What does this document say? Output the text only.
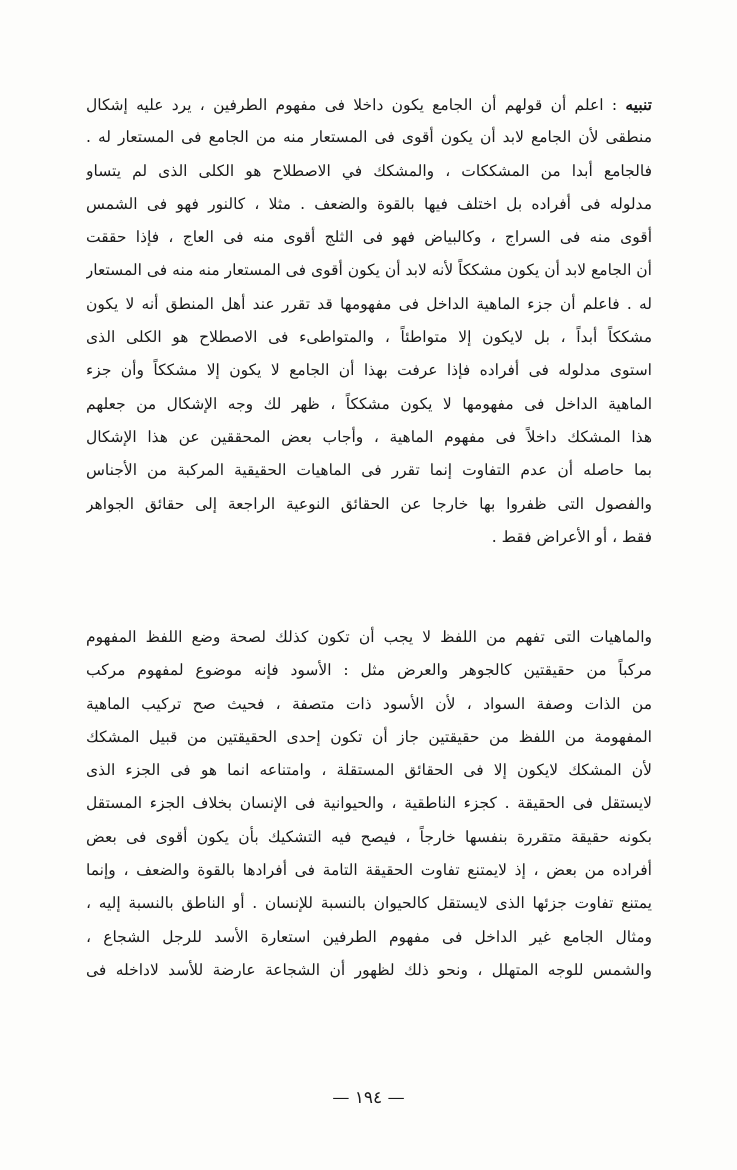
تنبيه : اعلم أن قولهم أن الجامع يكون داخلا فى مفهوم الطرفين ، يرد عليه إشكال
منطقى لأن الجامع لابد أن يكون أقوى فى المستعار منه من الجامع فى المستعار له .
فالجامع أبدا من المشككات ، والمشكك في الاصطلاح هو الكلى الذى لم يتساو
مدلوله فى أفراده بل اختلف فيها بالقوة والضعف . مثلا ، كالنور فهو فى الشمس
أقوى منه فى السراج ، وكالبياض فهو فى الثلج أقوى منه فى العاج ، فإذا حققت
أن الجامع لابد أن يكون مشككاً لأنه لابد أن يكون أقوى فى المستعار منه منه فى المستعار
له . فاعلم أن جزء الماهية الداخل فى مفهومها قد تقرر عند أهل المنطق أنه لا يكون
مشككاً أبداً ، بل لايكون إلا متواطئاً ، والمتواطىء فى الاصطلاح هو الكلى الذى
استوى مدلوله فى أفراده فإذا عرفت بهذا أن الجامع لا يكون إلا مشككاً وأن جزء
الماهية الداخل فى مفهومها لا يكون مشككاً ، ظهر لك وجه الإشكال من جعلهم
هذا المشكك داخلاً فى مفهوم الماهية ، وأجاب بعض المحققين عن هذا الإشكال
بما حاصله أن عدم التفاوت إنما تقرر فى الماهيات الحقيقية المركبة من الأجناس
والفصول التى ظفروا بها خارجا عن الحقائق النوعية الراجعة إلى حقائق الجواهر
فقط ، أو الأعراض فقط .
والماهيات التى تفهم من اللفظ لا يجب أن تكون كذلك لصحة وضع اللفظ المفهوم
مركباً من حقيقتين كالجوهر والعرض مثل : الأسود فإنه موضوع لمفهوم مركب
من الذات وصفة السواد ، لأن الأسود ذات متصفة ، فحيث صح تركيب الماهية
المفهومة من اللفظ من حقيقتين جاز أن تكون إحدى الحقيقتين من قبيل المشكك
لأن المشكك لايكون إلا فى الحقائق المستقلة ، وامتناعه انما هو فى الجزء الذى
لايستقل فى الحقيقة . كجزء الناطقية ، والحيوانية فى الإنسان بخلاف الجزء المستقل
بكونه حقيقة متقررة بنفسها خارجاً ، فيصح فيه التشكيك بأن يكون أقوى فى بعض
أفراده من بعض ، إذ لايمتنع تفاوت الحقيقة التامة فى أفرادها بالقوة والضعف ، وإنما
يمتنع تفاوت جزئها الذى لايستقل كالحيوان بالنسبة للإنسان . أو الناطق بالنسبة إليه ،
ومثال الجامع غير الداخل فى مفهوم الطرفين استعارة الأسد للرجل الشجاع ،
والشمس للوجه المتهلل ، ونحو ذلك لظهور أن الشجاعة عارضة للأسد لاداخله فى
— ١٩٤ —
